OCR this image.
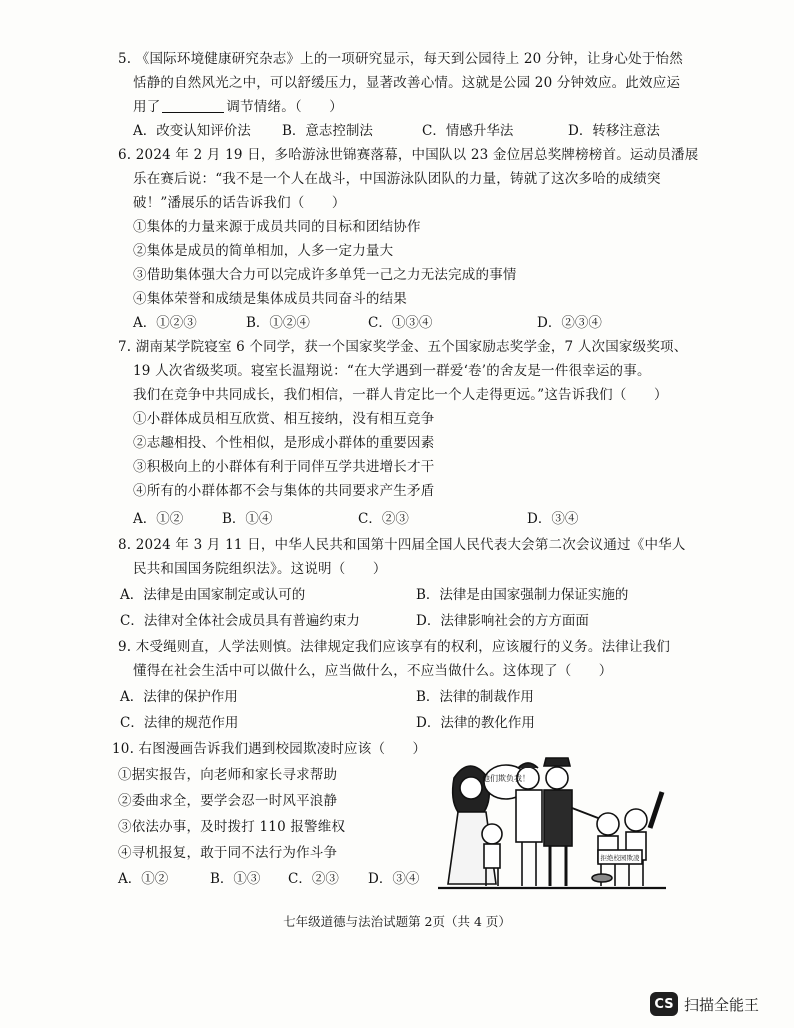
5. 《国际环境健康研究杂志》上的一项研究显示，每天到公园待上 20 分钟，让身心处于怡然
恬静的自然风光之中，可以舒缓压力，显著改善心情。这就是公园 20 分钟效应。此效应运
用了	调节情绪。（　　）
A．改变认知评价法 B．意志控制法	C．情感升华法	D．转移注意法
6. 2024 年 2 月 19 日，多哈游泳世锦赛落幕，中国队以 23 金位居总奖牌榜榜首。运动员潘展
乐在赛后说：“我不是一个人在战斗，中国游泳队团队的力量，铸就了这次多哈的成绩突
破！”潘展乐的话告诉我们（　　）
①集体的力量来源于成员共同的目标和团结协作
②集体是成员的简单相加，人多一定力量大
③借助集体强大合力可以完成许多单凭一己之力无法完成的事情
④集体荣誉和成绩是集体成员共同奋斗的结果
A．①②③	B．①②④	C．①③④	D．②③④
7. 湖南某学院寝室 6 个同学，获一个国家奖学金、五个国家励志奖学金，7 人次国家级奖项、
19 人次省级奖项。寝室长温翔说：“在大学遇到一群爱‘卷’的舍友是一件很幸运的事。
我们在竞争中共同成长，我们相信，一群人肯定比一个人走得更远。”这告诉我们（　　）
①小群体成员相互欣赏、相互接纳，没有相互竞争
②志趣相投、个性相似，是形成小群体的重要因素
③积极向上的小群体有利于同伴互学共进增长才干
④所有的小群体都不会与集体的共同要求产生矛盾
A．①②	B．①④	C．②③	D．③④
8. 2024 年 3 月 11 日，中华人民共和国第十四届全国人民代表大会第二次会议通过《中华人
民共和国国务院组织法》。这说明（　　）
A．法律是由国家制定或认可的	B．法律是由国家强制力保证实施的
C．法律对全体社会成员具有普遍约束力	D．法律影响社会的方方面面
9. 木受绳则直，人学法则慎。法律规定我们应该享有的权利，应该履行的义务。法律让我们
懂得在社会生活中可以做什么，应当做什么，不应当做什么。这体现了（　　）
A．法律的保护作用	B．法律的制裁作用
C．法律的规范作用	D．法律的教化作用
10. 右图漫画告诉我们遇到校园欺凌时应该（　　）
①据实报告，向老师和家长寻求帮助
②委曲求全，要学会忍一时风平浪静
③依法办事，及时拨打 110 报警维权
④寻机报复，敢于同不法行为作斗争
A．①②	B．①③ C．②③ D．③④
他们欺负我！
拒绝校园欺凌
七年级道德与法治试题第 2页（共 4 页）
CS 扫描全能王
